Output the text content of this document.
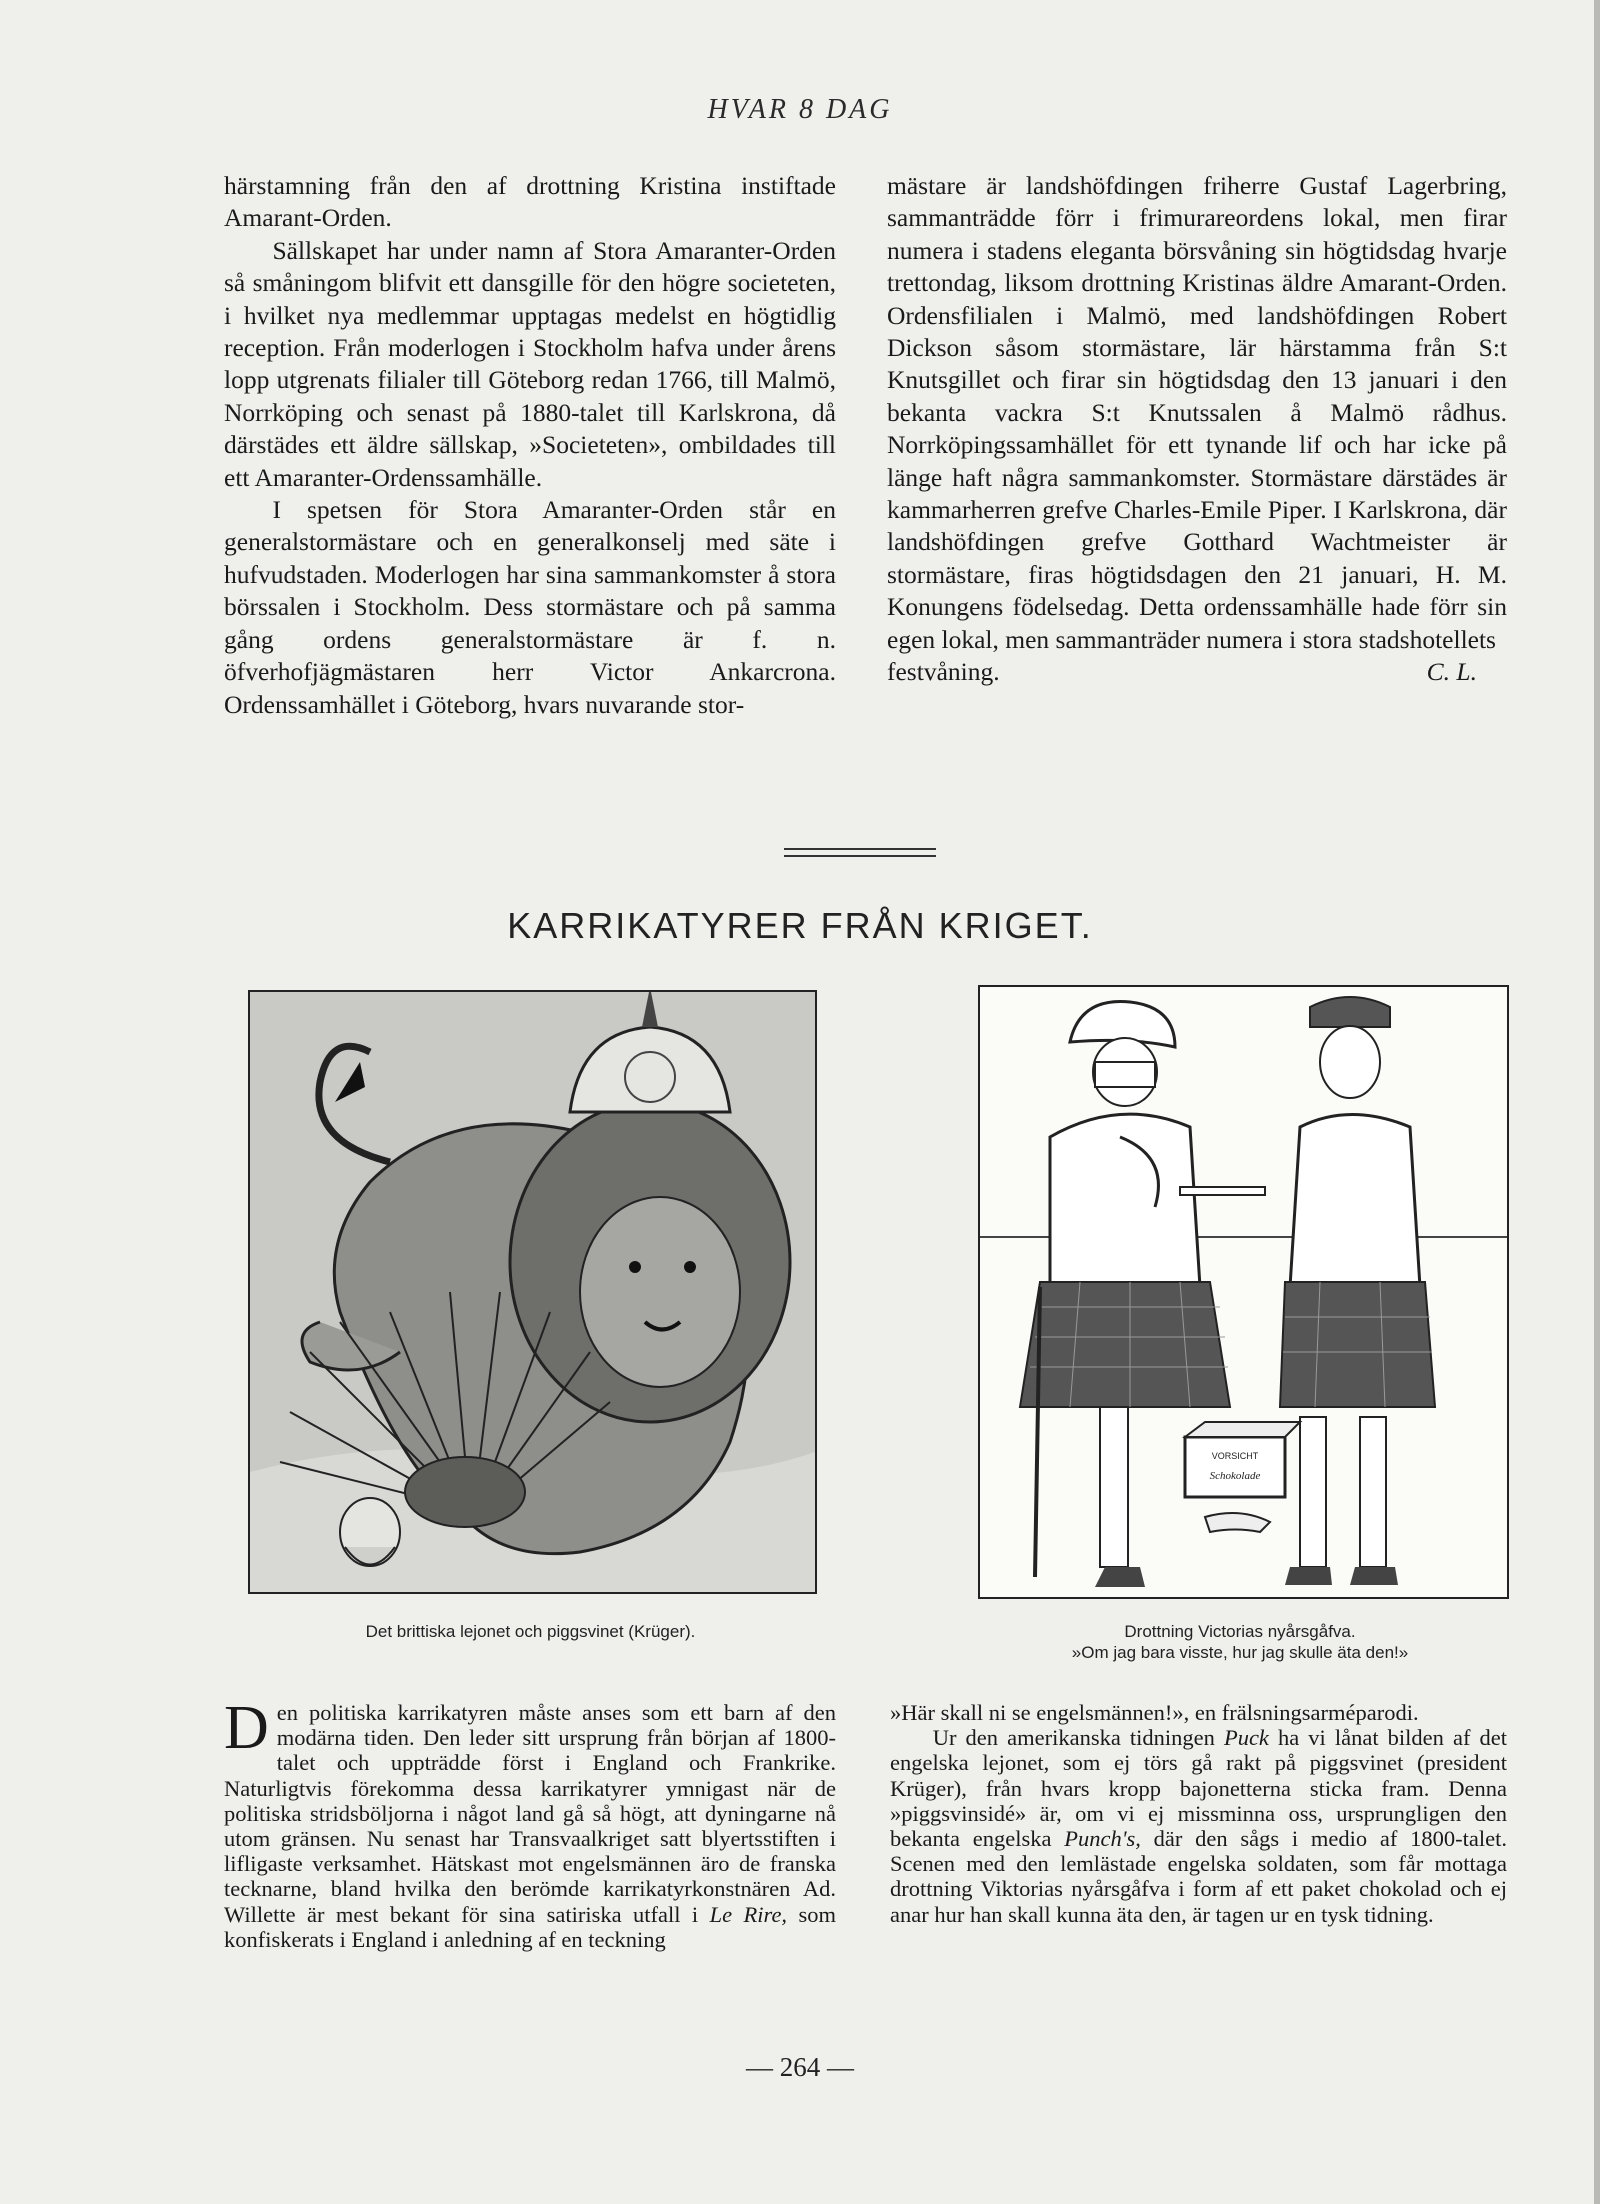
HVAR 8 DAG

härstamning från den af drottning Kristina instiftade Amarant-Orden.

Sällskapet har under namn af Stora Amaranter-Orden så småningom blifvit ett dansgille för den högre societeten, i hvilket nya medlemmar upptagas medelst en högtidlig reception. Från moderlogen i Stockholm hafva under årens lopp utgrenats filialer till Göteborg redan 1766, till Malmö, Norrköping och senast på 1880-talet till Karlskrona, då därstädes ett äldre sällskap, »Societeten», ombildades till ett Amaranter-Ordenssamhälle.

I spetsen för Stora Amaranter-Orden står en generalstormästare och en generalkonselj med säte i hufvudstaden. Moderlogen har sina sammankomster å stora börssalen i Stockholm. Dess stormästare och på samma gång ordens generalstormästare är f. n. öfverhofjägmästaren herr Victor Ankarcrona. Ordenssamhället i Göteborg, hvars nuvarande stor-

mästare är landshöfdingen friherre Gustaf Lagerbring, sammanträdde förr i frimurareordens lokal, men firar numera i stadens eleganta börsvåning sin högtidsdag hvarje trettondag, liksom drottning Kristinas äldre Amarant-Orden. Ordensfilialen i Malmö, med landshöfdingen Robert Dickson såsom stormästare, lär härstamma från S:t Knutsgillet och firar sin högtidsdag den 13 januari i den bekanta vackra S:t Knutssalen å Malmö rådhus. Norrköpingssamhället för ett tynande lif och har icke på länge haft några sammankomster. Stormästare därstädes är kammarherren grefve Charles-Emile Piper. I Karlskrona, där landshöfdingen grefve Gotthard Wachtmeister är stormästare, firas högtidsdagen den 21 januari, H. M. Konungens födelsedag. Detta ordenssamhälle hade förr sin egen lokal, men sammanträder numera i stora stadshotellets

festvåning.	C. L.

KARRIKATYRER FRÅN KRIGET.
VORSICHT
Schokolade
Det brittiska lejonet och piggsvinet (Krüger).	Drottning Victorias nyårsgåfva.
»Om jag bara visste, hur jag skulle äta den!»

Den politiska karrikatyren måste anses som ett barn af den modärna tiden. Den leder sitt ursprung från början af 1800-talet och uppträdde först i England och Frankrike. Naturligtvis förekomma dessa karrikatyrer ymnigast när de politiska stridsböljorna i något land gå så högt, att dyningarne nå utom gränsen. Nu senast har Transvaalkriget satt blyertsstiften i lifligaste verksamhet. Hätskast mot engelsmännen äro de franska tecknarne, bland hvilka den berömde karrikatyrkonstnären Ad. Willette är mest bekant för sina satiriska utfall i Le Rire, som konfiskerats i England i anledning af en teckning

»Här skall ni se engelsmännen!», en frälsningsarméparodi.

Ur den amerikanska tidningen Puck ha vi lånat bilden af det engelska lejonet, som ej törs gå rakt på piggsvinet (president Krüger), från hvars kropp bajonetterna sticka fram. Denna »piggsvinsidé» är, om vi ej missminna oss, ursprungligen den bekanta engelska Punch's, där den sågs i medio af 1800-talet. Scenen med den lemlästade engelska soldaten, som får mottaga drottning Viktorias nyårsgåfva i form af ett paket chokolad och ej anar hur han skall kunna äta den, är tagen ur en tysk tidning.

— 264 —
